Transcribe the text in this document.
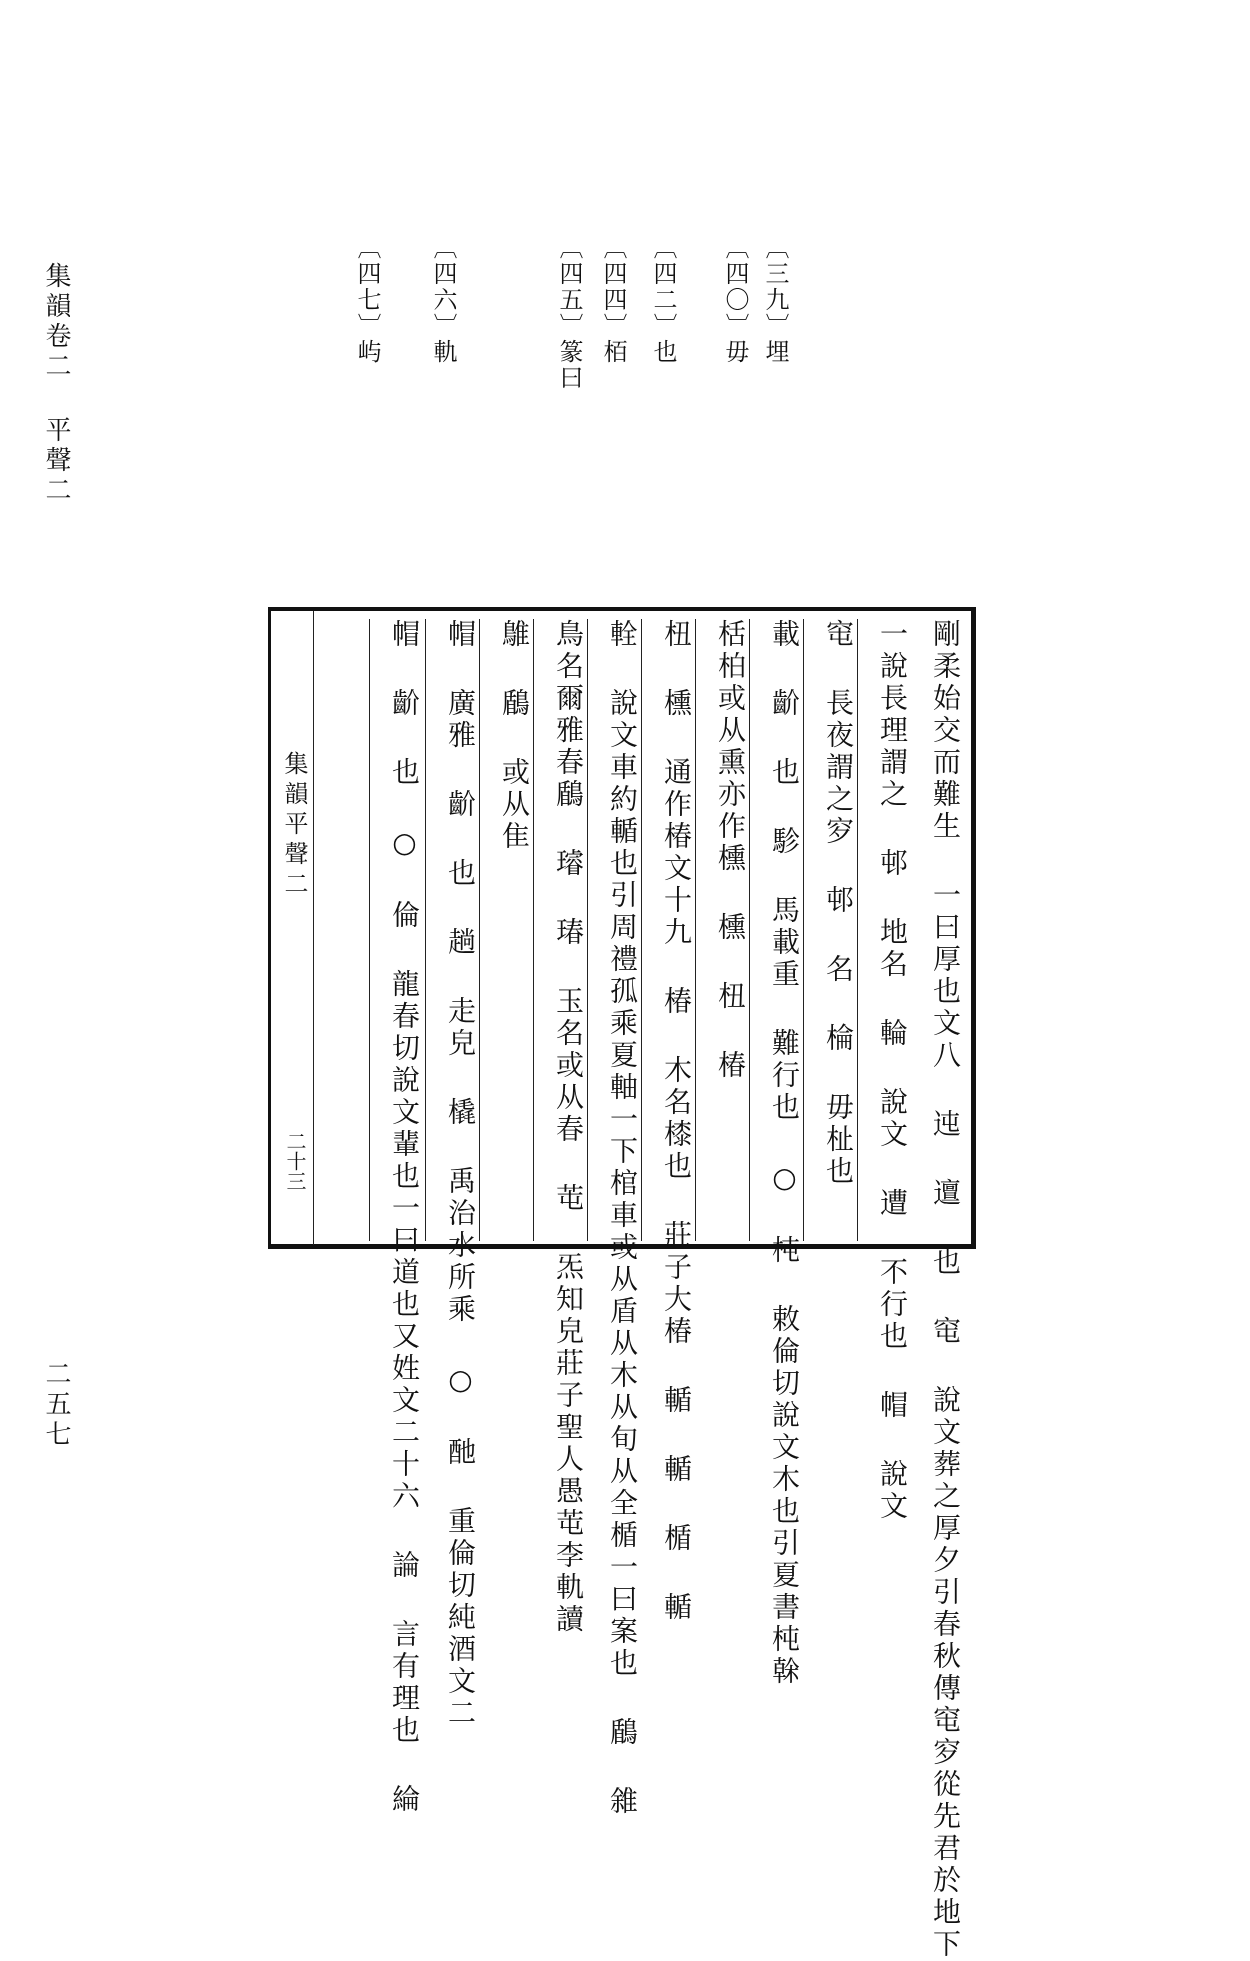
集韻卷二 平聲二	〔三九〕埋
〔四〇〕毋
〔四二〕也
〔四四〕栢
〔四五〕篆曰
〔四六〕軌
〔四七〕屿
集韻平聲二
二十三	剛柔始交而難生 一曰厚也文八 迍 邅 也 窀 說文葬之厚夕引春秋傳窀穸從先君於地下
一說長理謂之 邨 地名 輪 說文 遭 不行也 帽 說文
窀 長夜謂之穸 邨 名 棆 毋杫也
載 齘 也 駗 馬載重 難行也 ○ 杶 敕倫切說文木也引夏書杶榦
栝柏或从熏亦作櫄 櫄 杻 椿
杻 櫄 通作椿文十九 椿 木名㯃也 莊子大椿 輴 輴 楯 輴
輇 說文車約輴也引周禮孤乘夏軸一下棺車或从盾从木从旬从全楯一曰案也 鶞 雓
鳥名爾雅春鶞 璿 瑃 玉名或从春 芚 炁知皃莊子聖人愚芚李軌讀
鵻 鶞 或从隹
帽 廣雅 齘 也 趟 走皃 橇 禹治水所乘 ○ 酏 重倫切純酒文二
帽 齘 也 ○ 倫 龍春切說文輩也一曰道也又姓文二十六 論 言有理也 綸
二五七
